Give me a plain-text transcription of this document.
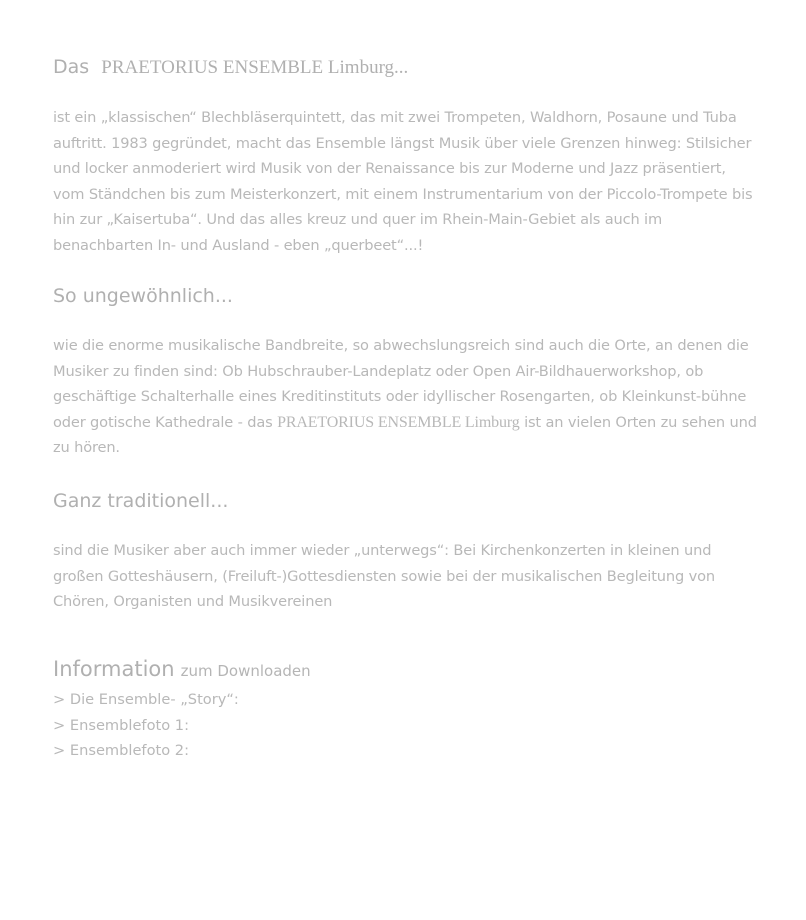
Das PRAETORIUS ENSEMBLE Limburg...

ist ein „klassischen“ Blechbläserquintett, das mit zwei Trompeten, Waldhorn, Posaune und Tuba auftritt. 1983 gegründet, macht das Ensemble längst Musik über viele Grenzen hinweg: Stilsicher und locker anmoderiert wird Musik von der Renaissance bis zur Moderne und Jazz präsentiert, vom Ständchen bis zum Meisterkonzert, mit einem Instrumentarium von der Piccolo-Trompete bis hin zur „Kaisertuba“. Und das alles kreuz und quer im Rhein-Main-Gebiet als auch im benachbarten In- und Ausland - eben „querbeet“...!

So ungewöhnlich...

wie die enorme musikalische Bandbreite, so abwechslungsreich sind auch die Orte, an denen die Musiker zu finden sind: Ob Hubschrauber-Landeplatz oder Open Air-Bildhauerworkshop, ob geschäftige Schalterhalle eines Kreditinstituts oder idyllischer Rosengarten, ob Kleinkunst-bühne oder gotische Kathedrale - das PRAETORIUS ENSEMBLE Limburg ist an vielen Orten zu sehen und zu hören.

Ganz traditionell...

sind die Musiker aber auch immer wieder „unterwegs“: Bei Kirchenkonzerten in kleinen und großen Gotteshäusern, (Freiluft-)Gottesdiensten sowie bei der musikalischen Begleitung von Chören, Organisten und Musikvereinen

Information zum Downloaden
> Die Ensemble- „Story“:
> Ensemblefoto 1:
> Ensemblefoto 2:
